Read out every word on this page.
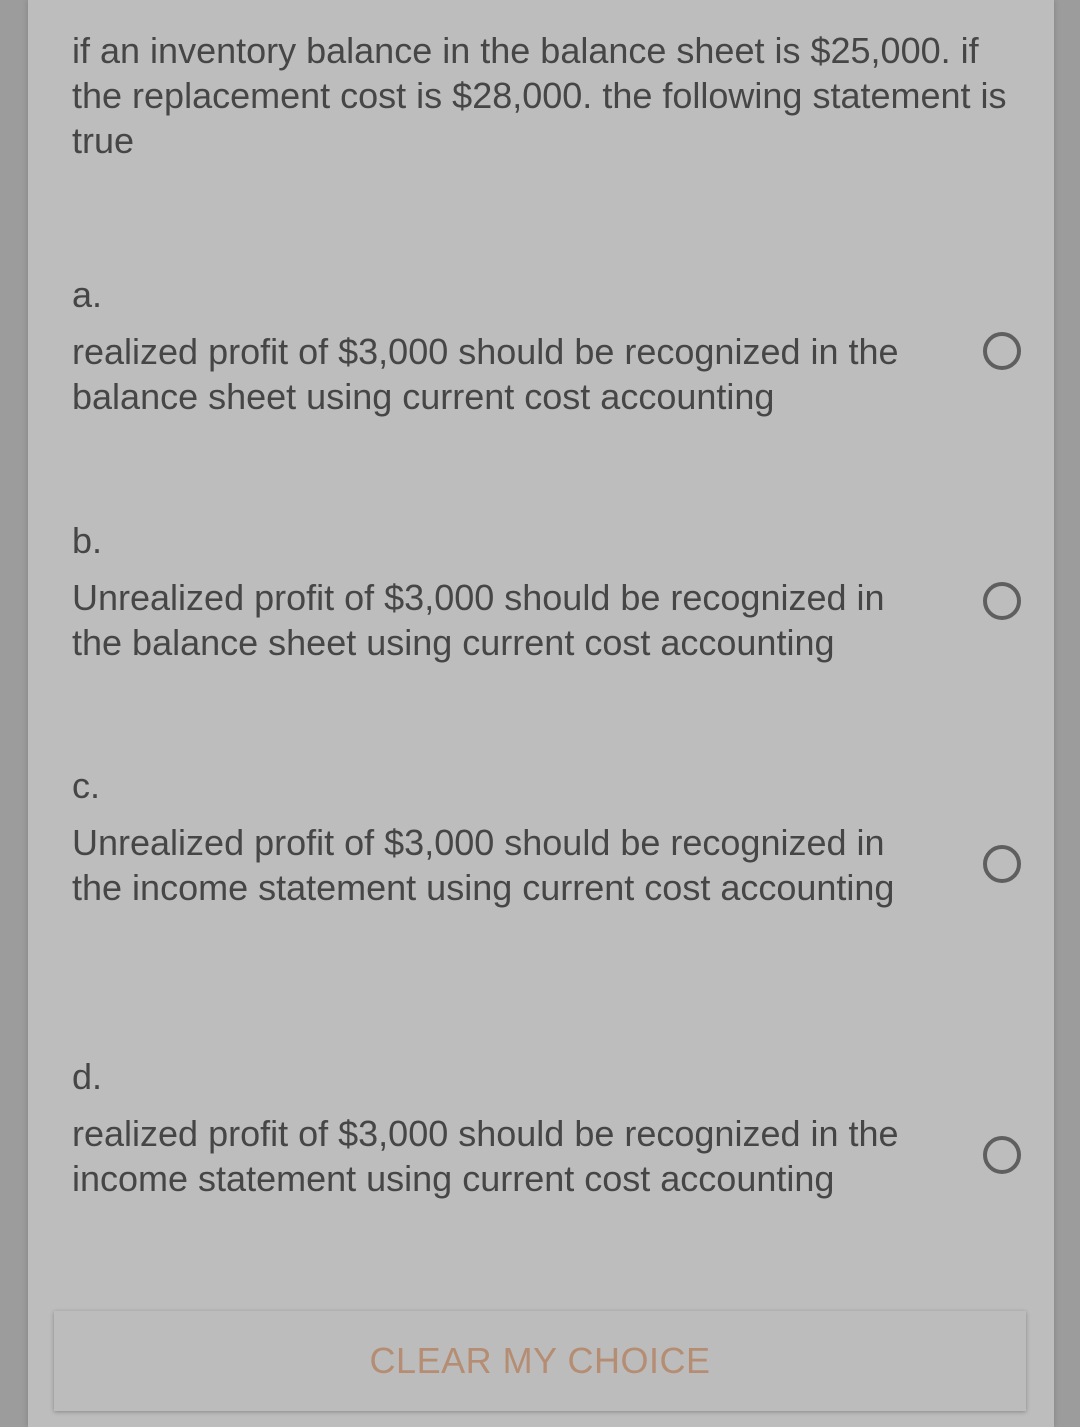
if an inventory balance in the balance sheet is $25,000. if the replacement cost is $28,000. the following statement is true

a.

realized profit of $3,000 should be recognized in the balance sheet using current cost accounting

b.

Unrealized profit of $3,000 should be recognized in the balance sheet using current cost accounting

c.

Unrealized profit of $3,000 should be recognized in the income statement using current cost accounting

d.

realized profit of $3,000 should be recognized in the income statement using current cost accounting
CLEAR MY CHOICE
